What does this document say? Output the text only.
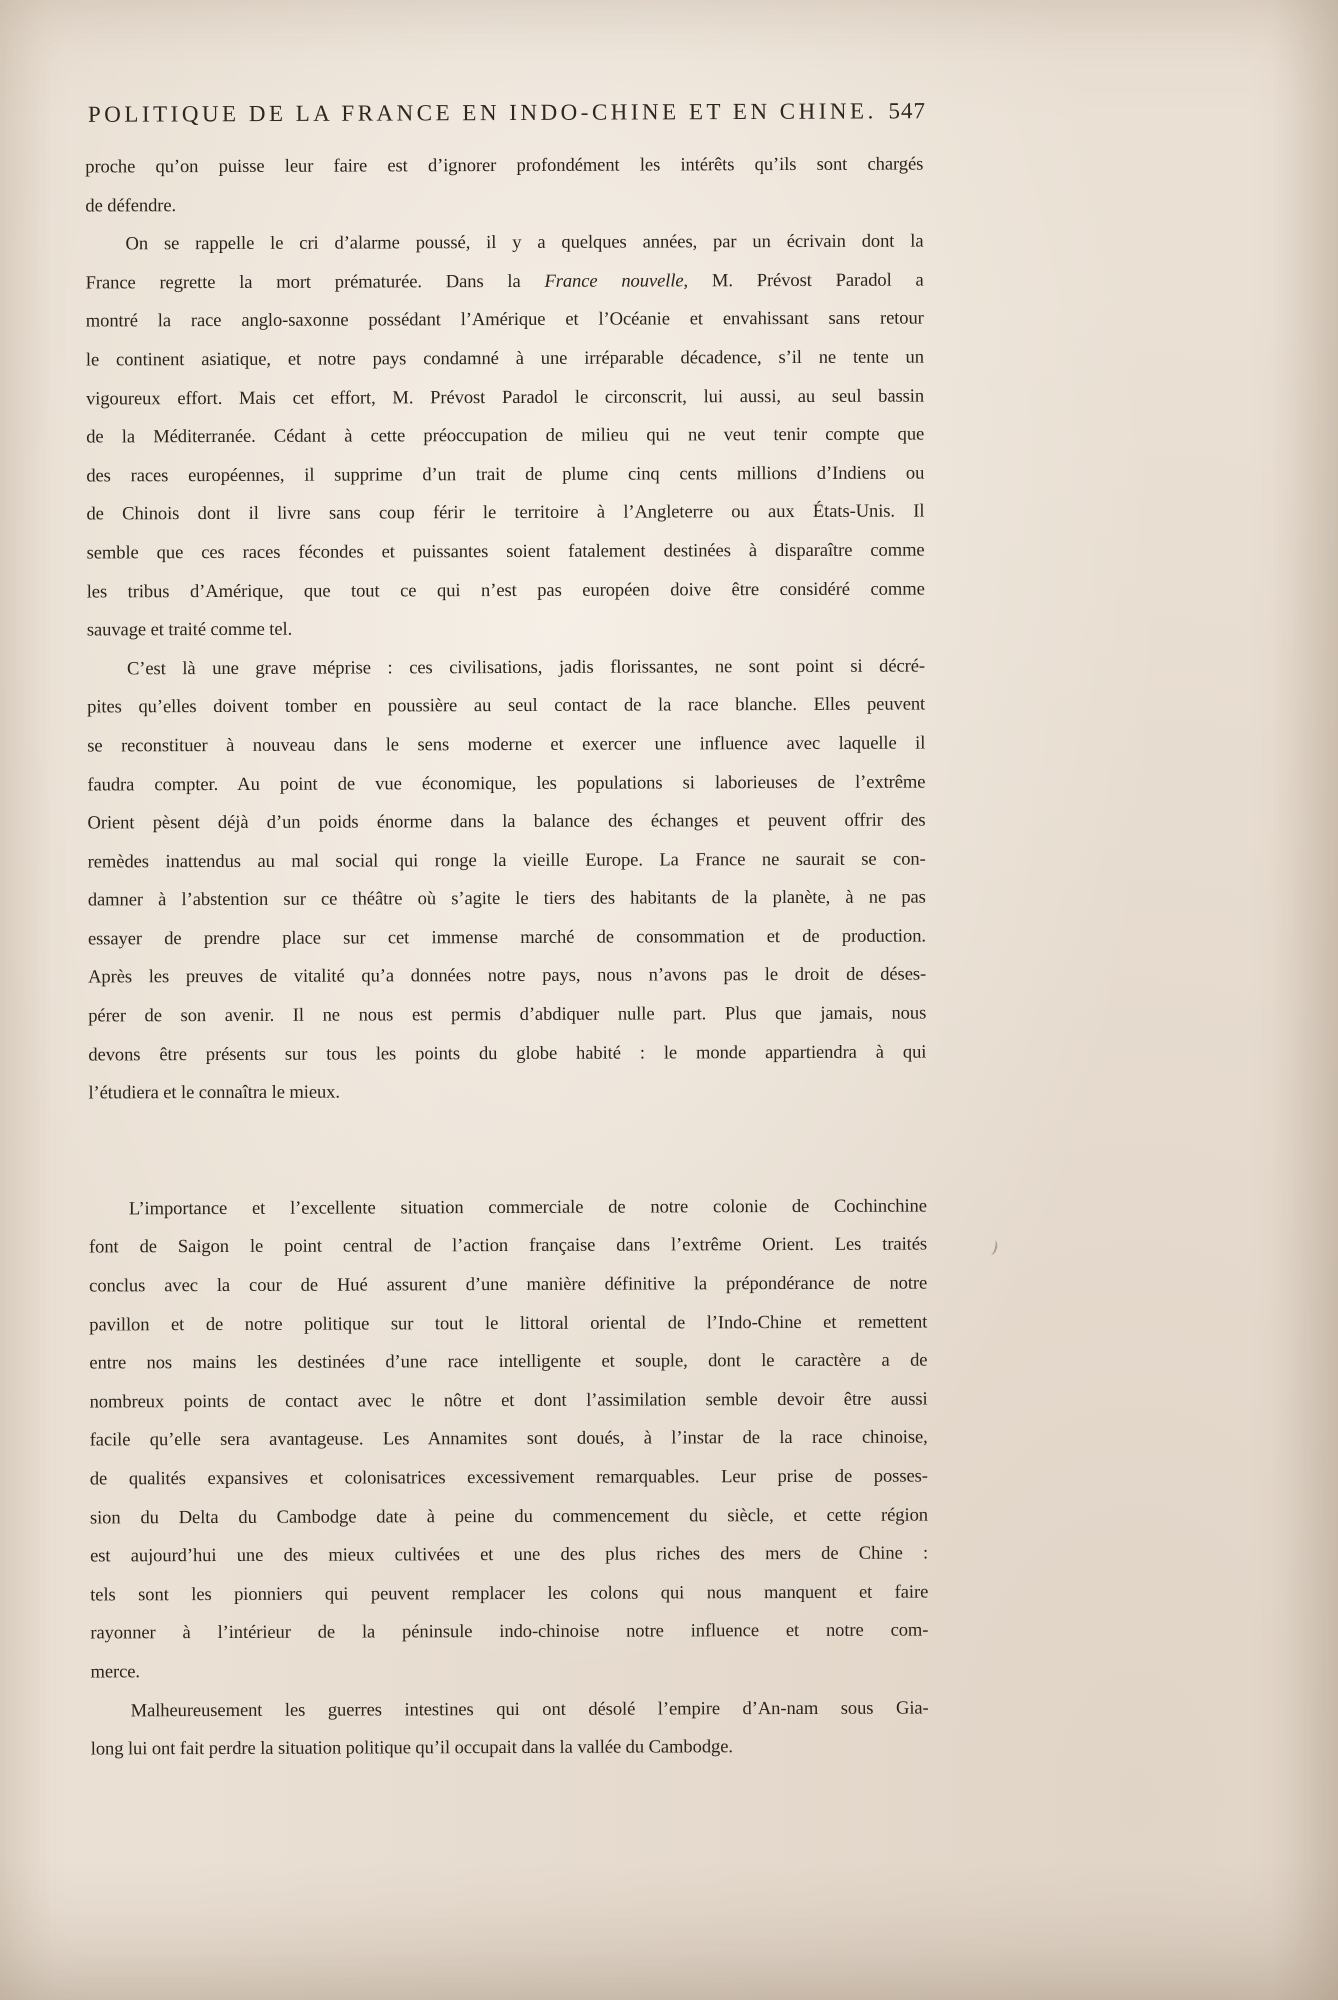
POLITIQUE DE LA FRANCE EN INDO-CHINE ET EN CHINE. 547
proche qu’on puisse leur faire est d’ignorer profondément les intérêts qu’ils sont chargés
de défendre.
On se rappelle le cri d’alarme poussé, il y a quelques années, par un écrivain dont la
France regrette la mort prématurée. Dans la France nouvelle, M. Prévost Paradol a
montré la race anglo-saxonne possédant l’Amérique et l’Océanie et envahissant sans retour
le continent asiatique, et notre pays condamné à une irréparable décadence, s’il ne tente un
vigoureux effort. Mais cet effort, M. Prévost Paradol le circonscrit, lui aussi, au seul bassin
de la Méditerranée. Cédant à cette préoccupation de milieu qui ne veut tenir compte que
des races européennes, il supprime d’un trait de plume cinq cents millions d’Indiens ou
de Chinois dont il livre sans coup férir le territoire à l’Angleterre ou aux États-Unis. Il
semble que ces races fécondes et puissantes soient fatalement destinées à disparaître comme
les tribus d’Amérique, que tout ce qui n’est pas européen doive être considéré comme
sauvage et traité comme tel.
C’est là une grave méprise : ces civilisations, jadis florissantes, ne sont point si décré-
pites qu’elles doivent tomber en poussière au seul contact de la race blanche. Elles peuvent
se reconstituer à nouveau dans le sens moderne et exercer une influence avec laquelle il
faudra compter. Au point de vue économique, les populations si laborieuses de l’extrême
Orient pèsent déjà d’un poids énorme dans la balance des échanges et peuvent offrir des
remèdes inattendus au mal social qui ronge la vieille Europe. La France ne saurait se con-
damner à l’abstention sur ce théâtre où s’agite le tiers des habitants de la planète, à ne pas
essayer de prendre place sur cet immense marché de consommation et de production.
Après les preuves de vitalité qu’a données notre pays, nous n’avons pas le droit de déses-
pérer de son avenir. Il ne nous est permis d’abdiquer nulle part. Plus que jamais, nous
devons être présents sur tous les points du globe habité : le monde appartiendra à qui
l’étudiera et le connaîtra le mieux.
L’importance et l’excellente situation commerciale de notre colonie de Cochinchine
font de Saigon le point central de l’action française dans l’extrême Orient. Les traités
conclus avec la cour de Hué assurent d’une manière définitive la prépondérance de notre
pavillon et de notre politique sur tout le littoral oriental de l’Indo-Chine et remettent
entre nos mains les destinées d’une race intelligente et souple, dont le caractère a de
nombreux points de contact avec le nôtre et dont l’assimilation semble devoir être aussi
facile qu’elle sera avantageuse. Les Annamites sont doués, à l’instar de la race chinoise,
de qualités expansives et colonisatrices excessivement remarquables. Leur prise de posses-
sion du Delta du Cambodge date à peine du commencement du siècle, et cette région
est aujourd’hui une des mieux cultivées et une des plus riches des mers de Chine :
tels sont les pionniers qui peuvent remplacer les colons qui nous manquent et faire
rayonner à l’intérieur de la péninsule indo-chinoise notre influence et notre com-
merce.
Malheureusement les guerres intestines qui ont désolé l’empire d’An-nam sous Gia-
long lui ont fait perdre la situation politique qu’il occupait dans la vallée du Cambodge.
